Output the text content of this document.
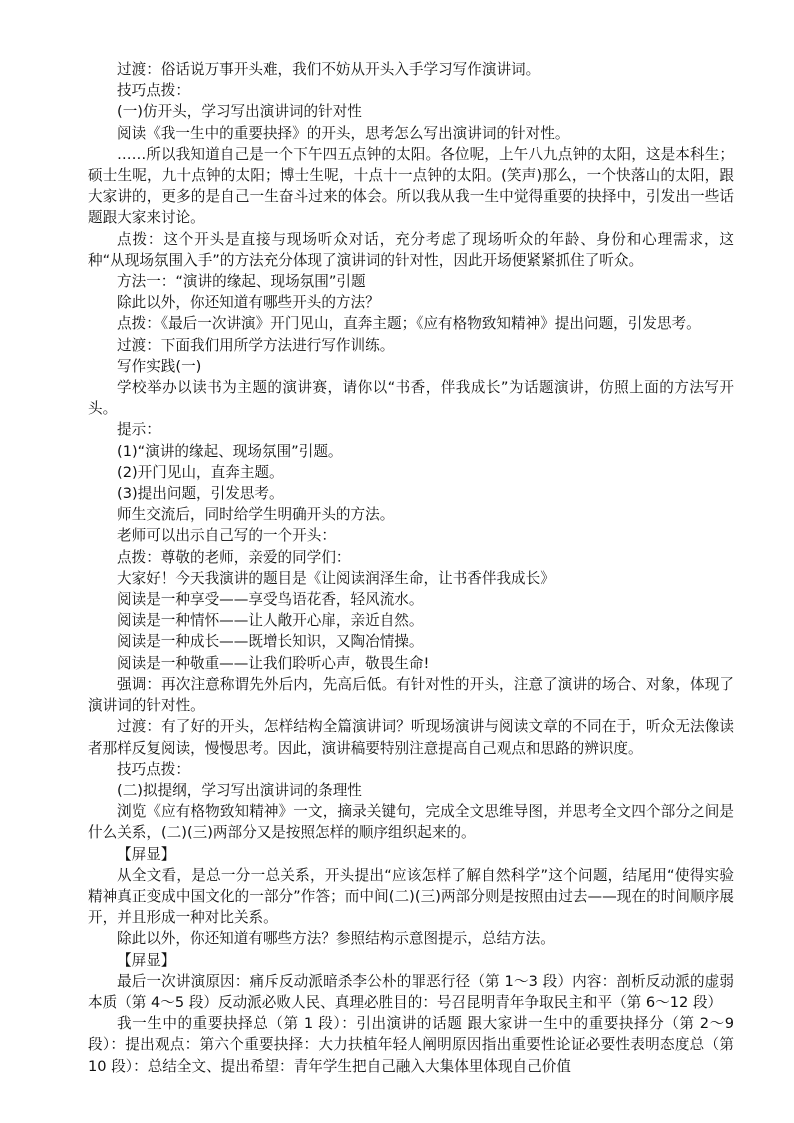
过渡：俗话说万事开头难，我们不妨从开头入手学习写作演讲词。

技巧点拨：

(一)仿开头，学习写出演讲词的针对性

阅读《我一生中的重要抉择》的开头，思考怎么写出演讲词的针对性。

……所以我知道自己是一个下午四五点钟的太阳。各位呢，上午八九点钟的太阳，这是本科生；硕士生呢，九十点钟的太阳；博士生呢，十点十一点钟的太阳。(笑声)那么，一个快落山的太阳，跟大家讲的，更多的是自己一生奋斗过来的体会。所以我从我一生中觉得重要的抉择中，引发出一些话题跟大家来讨论。

点拨：这个开头是直接与现场听众对话，充分考虑了现场听众的年龄、身份和心理需求，这种“从现场氛围入手”的方法充分体现了演讲词的针对性，因此开场便紧紧抓住了听众。

方法一：“演讲的缘起、现场氛围”引题

除此以外，你还知道有哪些开头的方法？

点拨：《最后一次讲演》开门见山，直奔主题；《应有格物致知精神》提出问题，引发思考。

过渡：下面我们用所学方法进行写作训练。

写作实践(一)

学校举办以读书为主题的演讲赛，请你以“书香，伴我成长”为话题演讲，仿照上面的方法写开头。

提示：

(1)“演讲的缘起、现场氛围”引题。

(2)开门见山，直奔主题。

(3)提出问题，引发思考。

师生交流后，同时给学生明确开头的方法。

老师可以出示自己写的一个开头：

点拨：尊敬的老师，亲爱的同学们：

大家好！今天我演讲的题目是《让阅读润泽生命，让书香伴我成长》

阅读是一种享受——享受鸟语花香，轻风流水。

阅读是一种情怀——让人敞开心扉，亲近自然。

阅读是一种成长——既增长知识，又陶冶情操。

阅读是一种敬重——让我们聆听心声，敬畏生命!

强调：再次注意称谓先外后内，先高后低。有针对性的开头，注意了演讲的场合、对象，体现了演讲词的针对性。

过渡：有了好的开头，怎样结构全篇演讲词？听现场演讲与阅读文章的不同在于，听众无法像读者那样反复阅读，慢慢思考。因此，演讲稿要特别注意提高自己观点和思路的辨识度。

技巧点拨：

(二)拟提纲，学习写出演讲词的条理性

浏览《应有格物致知精神》一文，摘录关键句，完成全文思维导图，并思考全文四个部分之间是什么关系，(二)(三)两部分又是按照怎样的顺序组织起来的。

【屏显】

从全文看，是总一分一总关系，开头提出“应该怎样了解自然科学”这个问题，结尾用“使得实验精神真正变成中国文化的一部分”作答；而中间(二)(三)两部分则是按照由过去——现在的时间顺序展开，并且形成一种对比关系。

除此以外，你还知道有哪些方法？参照结构示意图提示，总结方法。

【屏显】

最后一次讲演原因：痛斥反动派暗杀李公朴的罪恶行径（第 1～3 段）内容：剖析反动派的虚弱本质（第 4～5 段）反动派必败人民、真理必胜目的：号召昆明青年争取民主和平（第 6～12 段）

我一生中的重要抉择总（第 1 段）：引出演讲的话题 跟大家讲一生中的重要抉择分（第 2～9 段）：提出观点：第六个重要抉择：大力扶植年轻人阐明原因指出重要性论证必要性表明态度总（第 10 段）：总结全文、提出希望：青年学生把自己融入大集体里体现自己价值
